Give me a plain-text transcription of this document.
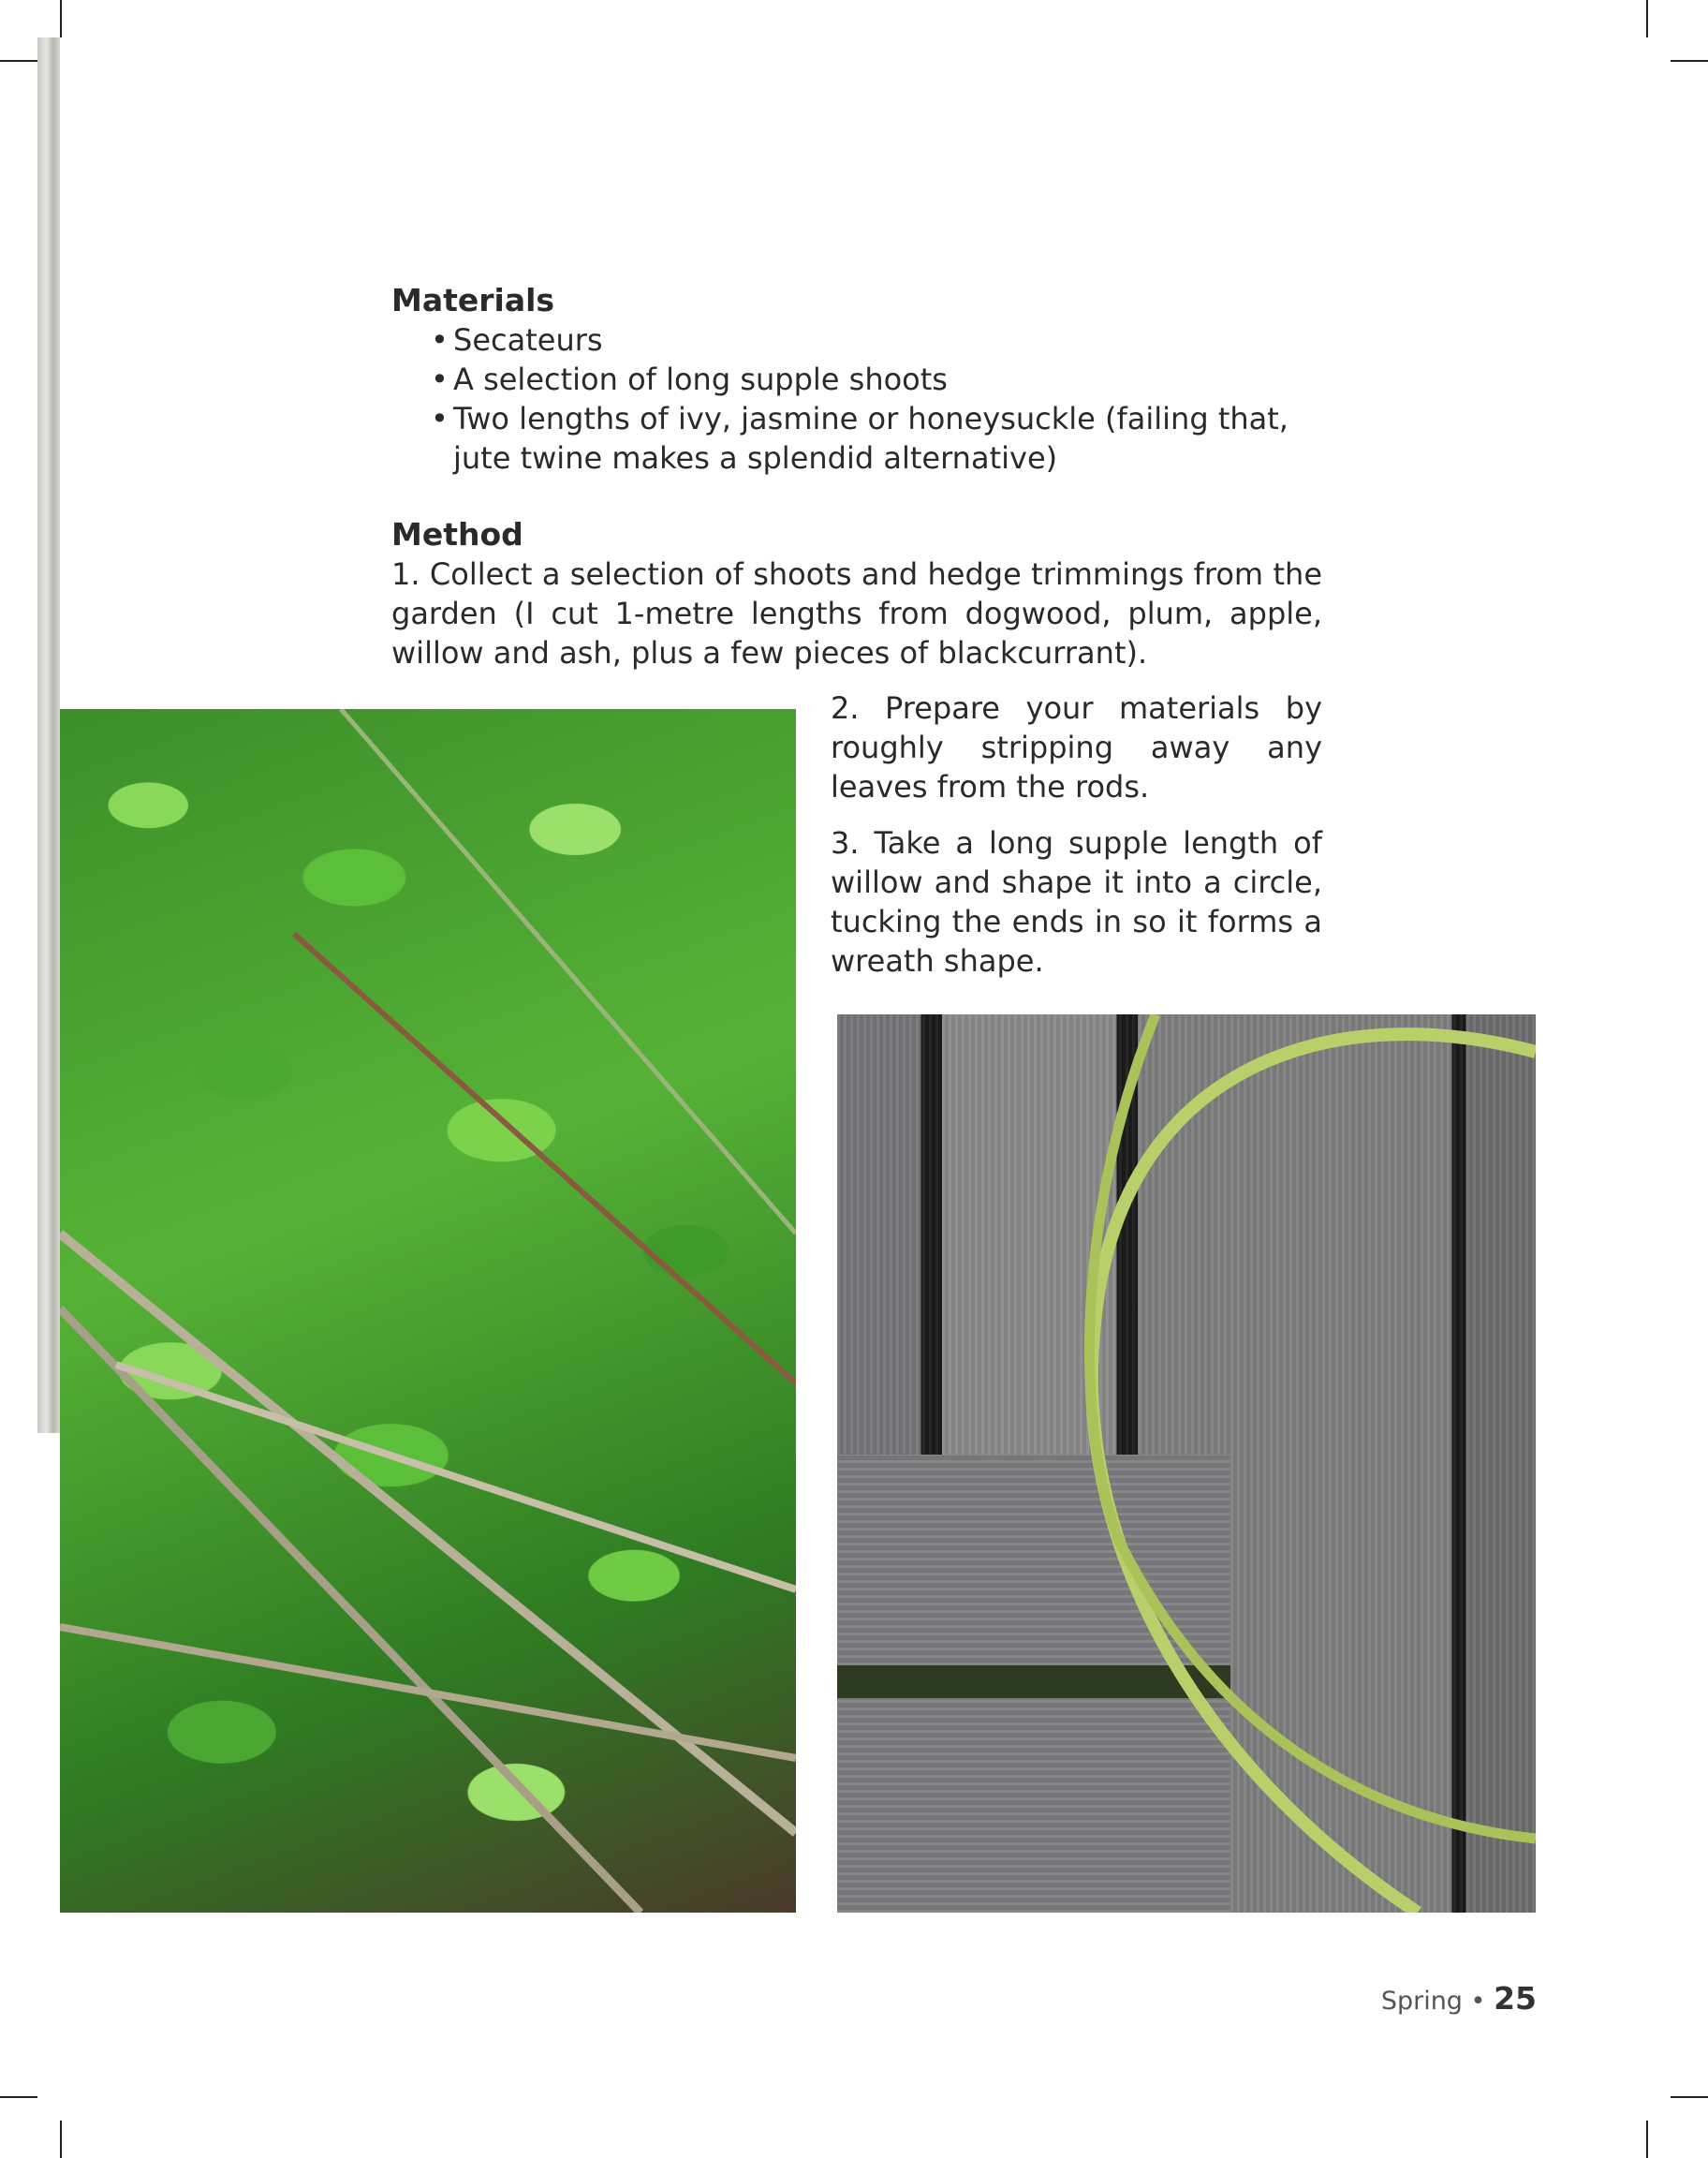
Materials

• Secateurs
• A selection of long supple shoots
• Two lengths of ivy, jasmine or honeysuckle (failing that, jute twine makes a splendid alternative)

Method

1. Collect a selection of shoots and hedge trimmings from the garden (I cut 1-metre lengths from dogwood, plum, apple, willow and ash, plus a few pieces of blackcurrant).

2. Prepare your materials by roughly stripping away any leaves from the rods.

3. Take a long supple length of willow and shape it into a circle, tucking the ends in so it forms a wreath shape.

Spring • 25
